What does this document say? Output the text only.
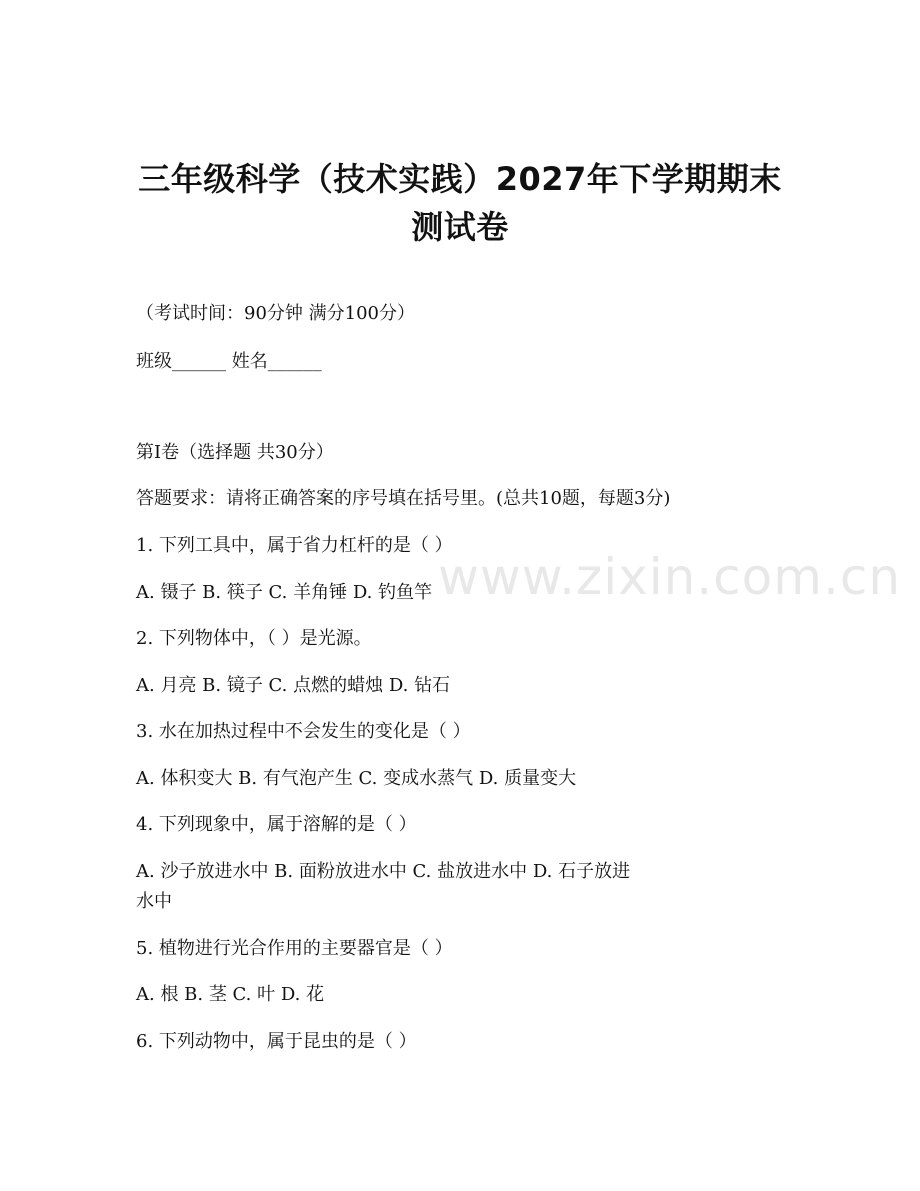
三年级科学（技术实践）2027年下学期期末
测试卷
（考试时间：90分钟 满分100分）
班级______ 姓名______
第Ⅰ卷（选择题 共30分）
答题要求：请将正确答案的序号填在括号里。(总共10题，每题3分)
1. 下列工具中，属于省力杠杆的是（ ）
A. 镊子 B. 筷子 C. 羊角锤 D. 钓鱼竿
2. 下列物体中，（ ）是光源。
A. 月亮 B. 镜子 C. 点燃的蜡烛 D. 钻石
3. 水在加热过程中不会发生的变化是（ ）
A. 体积变大 B. 有气泡产生 C. 变成水蒸气 D. 质量变大
4. 下列现象中，属于溶解的是（ ）
A. 沙子放进水中 B. 面粉放进水中 C. 盐放进水中 D. 石子放进
水中
5. 植物进行光合作用的主要器官是（ ）
A. 根 B. 茎 C. 叶 D. 花
6. 下列动物中，属于昆虫的是（ ）
www.zixin.com.cn
